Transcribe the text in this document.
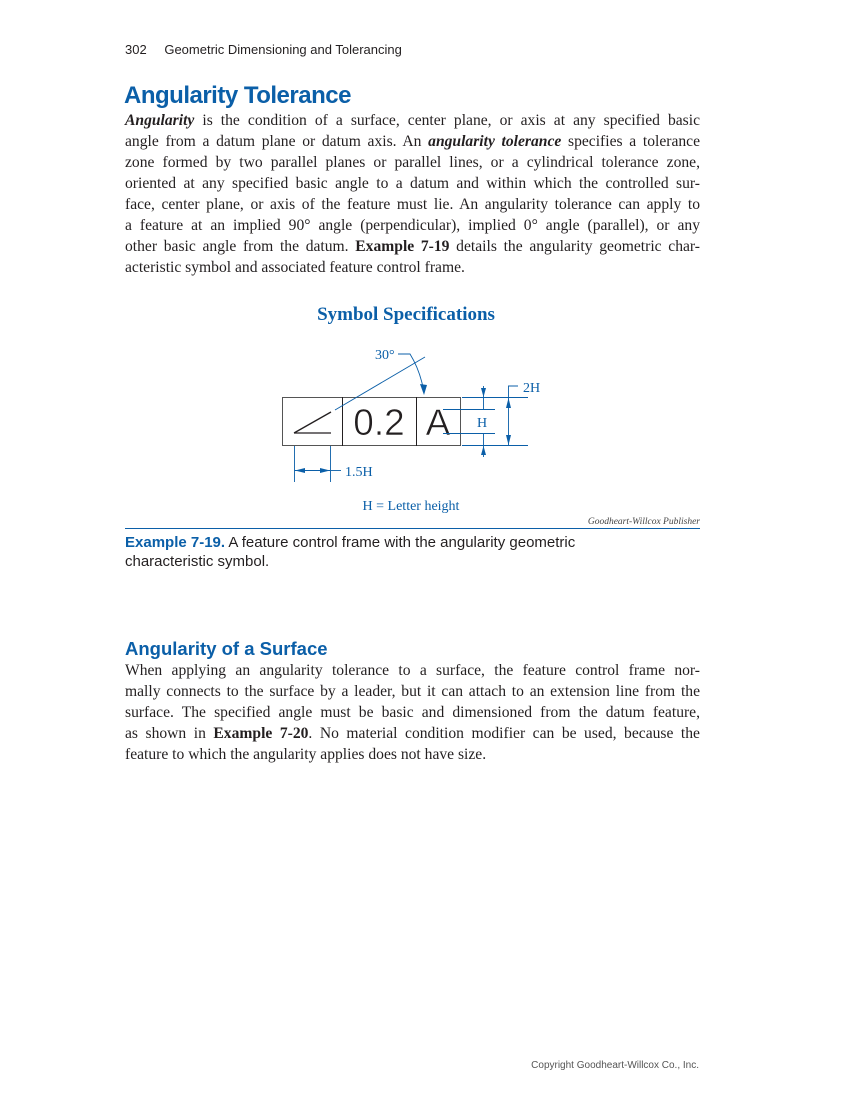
302 Geometric Dimensioning and Tolerancing
Angularity Tolerance
Angularity is the condition of a surface, center plane, or axis at any specified basic
angle from a datum plane or datum axis. An angularity tolerance specifies a tolerance
zone formed by two parallel planes or parallel lines, or a cylindrical tolerance zone,
oriented at any specified basic angle to a datum and within which the controlled sur-
face, center plane, or axis of the feature must lie. An angularity tolerance can apply to
a feature at an implied 90° angle (perpendicular), implied 0° angle (parallel), or any
other basic angle from the datum. Example 7-19 details the angularity geometric char-
acteristic symbol and associated feature control frame.
Symbol Specifications
0.2 A
30°
2H
H
1.5H
H = Letter height
Goodheart-Willcox Publisher
Example 7-19. A feature control frame with the angularity geometric characteristic symbol.
Angularity of a Surface
When applying an angularity tolerance to a surface, the feature control frame nor-
mally connects to the surface by a leader, but it can attach to an extension line from the
surface. The specified angle must be basic and dimensioned from the datum feature,
as shown in Example 7-20. No material condition modifier can be used, because the
feature to which the angularity applies does not have size.
Copyright Goodheart-Willcox Co., Inc.
